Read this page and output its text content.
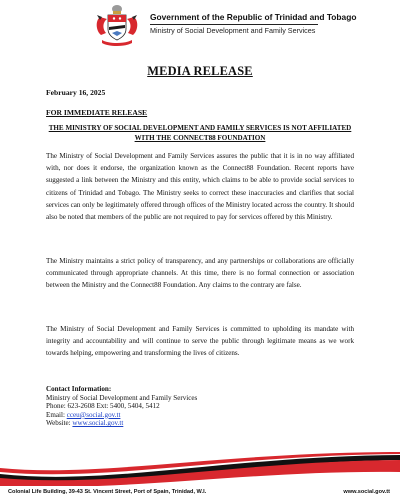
Government of the Republic of Trinidad and Tobago
Ministry of Social Development and Family Services
MEDIA RELEASE
February 16, 2025
FOR IMMEDIATE RELEASE
THE MINISTRY OF SOCIAL DEVELOPMENT AND FAMILY SERVICES IS NOT AFFILIATED WITH THE CONNECT88 FOUNDATION

The Ministry of Social Development and Family Services assures the public that it is in no way affiliated with, nor does it endorse, the organization known as the Connect88 Foundation. Recent reports have suggested a link between the Ministry and this entity, which claims to be able to provide social services to citizens of Trinidad and Tobago. The Ministry seeks to correct these inaccuracies and clarifies that social services can only be legitimately offered through offices of the Ministry located across the country. It should also be noted that members of the public are not required to pay for services offered by this Ministry.

The Ministry maintains a strict policy of transparency, and any partnerships or collaborations are officially communicated through appropriate channels. At this time, there is no formal connection or association between the Ministry and the Connect88 Foundation. Any claims to the contrary are false.

The Ministry of Social Development and Family Services is committed to upholding its mandate with integrity and accountability and will continue to serve the public through legitimate means as we work towards helping, empowering and transforming the lives of citizens.

Contact Information:
Ministry of Social Development and Family Services
Phone: 623-2608 Ext: 5400, 5404, 5412
Email: cceu@social.gov.tt
Website: www.social.gov.tt
Colonial Life Building, 39-43 St. Vincent Street, Port of Spain, Trinidad, W.I.	www.social.gov.tt
